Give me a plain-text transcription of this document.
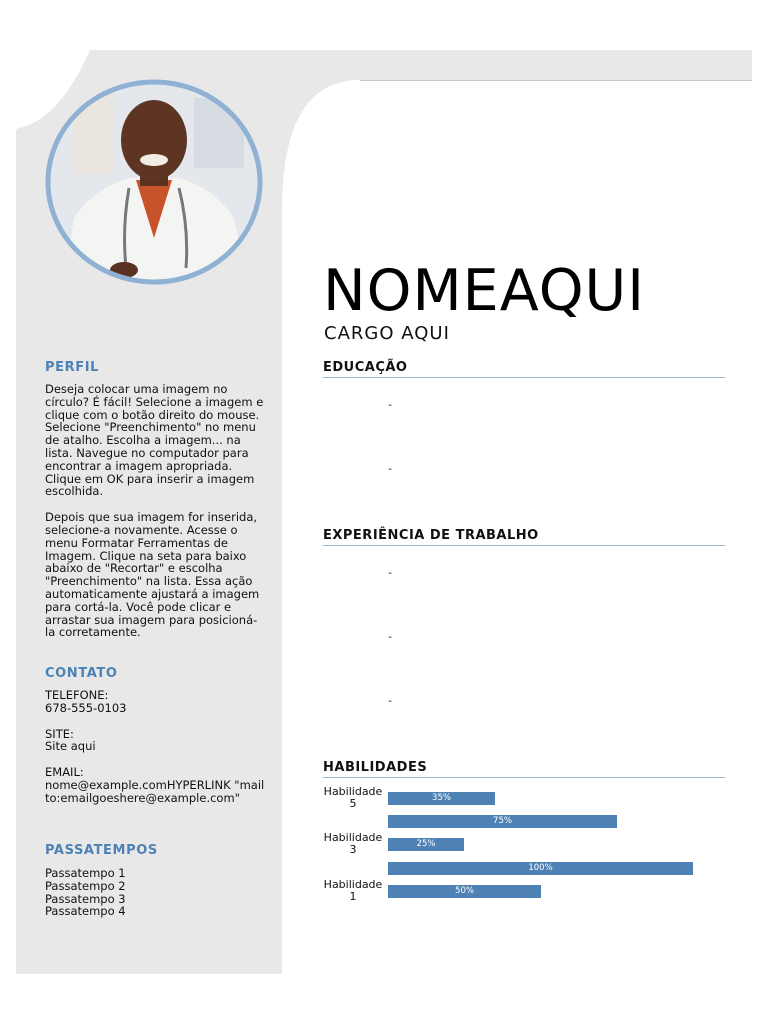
PERFIL

Deseja colocar uma imagem no círculo? É fácil! Selecione a imagem e clique com o botão direito do mouse. Selecione "Preenchimento" no menu de atalho. Escolha a imagem... na lista. Navegue no computador para encontrar a imagem apropriada. Clique em OK para inserir a imagem escolhida.

Depois que sua imagem for inserida, selecione-a novamente. Acesse o menu Formatar Ferramentas de Imagem. Clique na seta para baixo abaixo de "Recortar" e escolha "Preenchimento" na lista. Essa ação automaticamente ajustará a imagem para cortá-la. Você pode clicar e arrastar sua imagem para posicioná-la corretamente.

CONTATO

TELEFONE:

678-555-0103

SITE:

Site aqui

EMAIL:

nome@example.comHYPERLINK "mailto:emailgoeshere@example.com"

PASSATEMPOS

Passatempo 1

Passatempo 2

Passatempo 3

Passatempo 4

NOMEAQUI
CARGO AQUI
EDUCAÇÃO
-
-
EXPERIÊNCIA DE TRABALHO
-
-
-
HABILIDADES
Habilidade
5
Habilidade
3
Habilidade
1
35%
75%
25%
100%
50%
